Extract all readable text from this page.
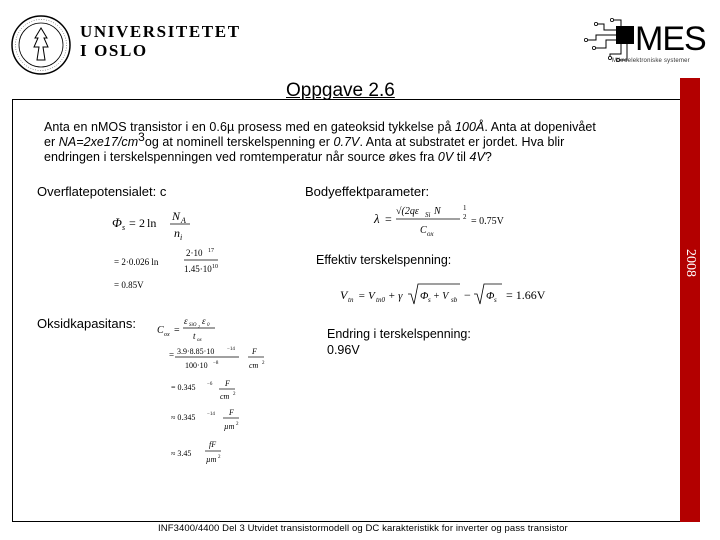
UNIVERSITETET
I OSLO	MES
Mikroelektroniske systemer
2008
Oppgave 2.6
Anta en nMOS transistor i en 0.6µ prosess med en gateoksid tykkelse på 100Å. Anta at dopenivået
er NA=2xe17/cm3og at nominell terskelspenning er 0.7V. Anta at substratet er jordet. Hva blir
endringen i terskelspenningen ved romtemperatur når source økes fra 0V til 4V?
Overflatepotensialet: c	Bodyeffektparameter:
Effektiv terskelspenning:
Oksidkapasitans:
Endring i terskelspenning:
0.96V
Φ s = 2 ln N A
n i
= 2·0.026 ln
2·10 17
1.45·10 10
= 0.85V
λ =
√(2qε Si N
C ox
1
2 = 0.75V
V tn = V tn0 + γ Φ s + V sb − Φ s = 1.66V
C ox =
ε SiO 2
ε 0
t ox
= 3.9·8.85·10	−14
100·10 −8
F
cm 2
= 0.345 −6 F
cm 2
≈ 0.345 −14 F
µm 2
≈ 3.45
fF
µm 2
INF3400/4400 Del 3 Utvidet transistormodell og DC karakteristikk for inverter og pass transistor
